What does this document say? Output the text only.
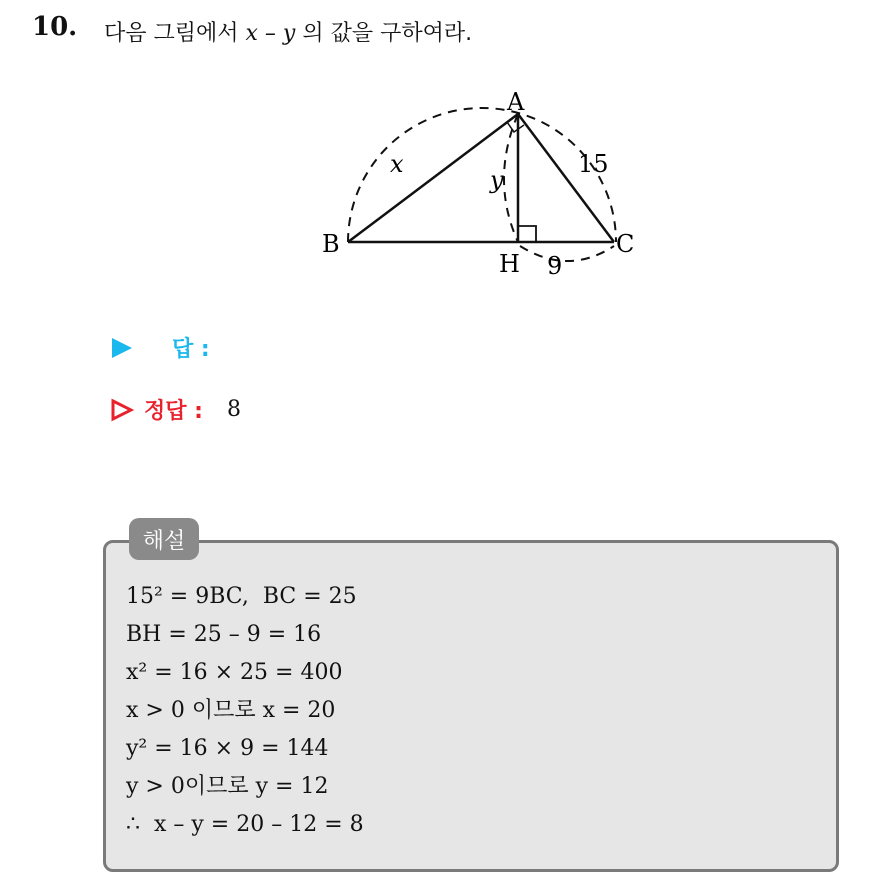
10. 다음 그림에서 x – y 의 값을 구하여라.
A
B	C
H
x
y
15
9
답 :
정답 : 8
해설
15² = 9BC,  BC = 25
BH = 25 – 9 = 16
x² = 16 × 25 = 400
x > 0 이므로 x = 20
y² = 16 × 9 = 144
y > 0이므로 y = 12
∴  x – y = 20 – 12 = 8
